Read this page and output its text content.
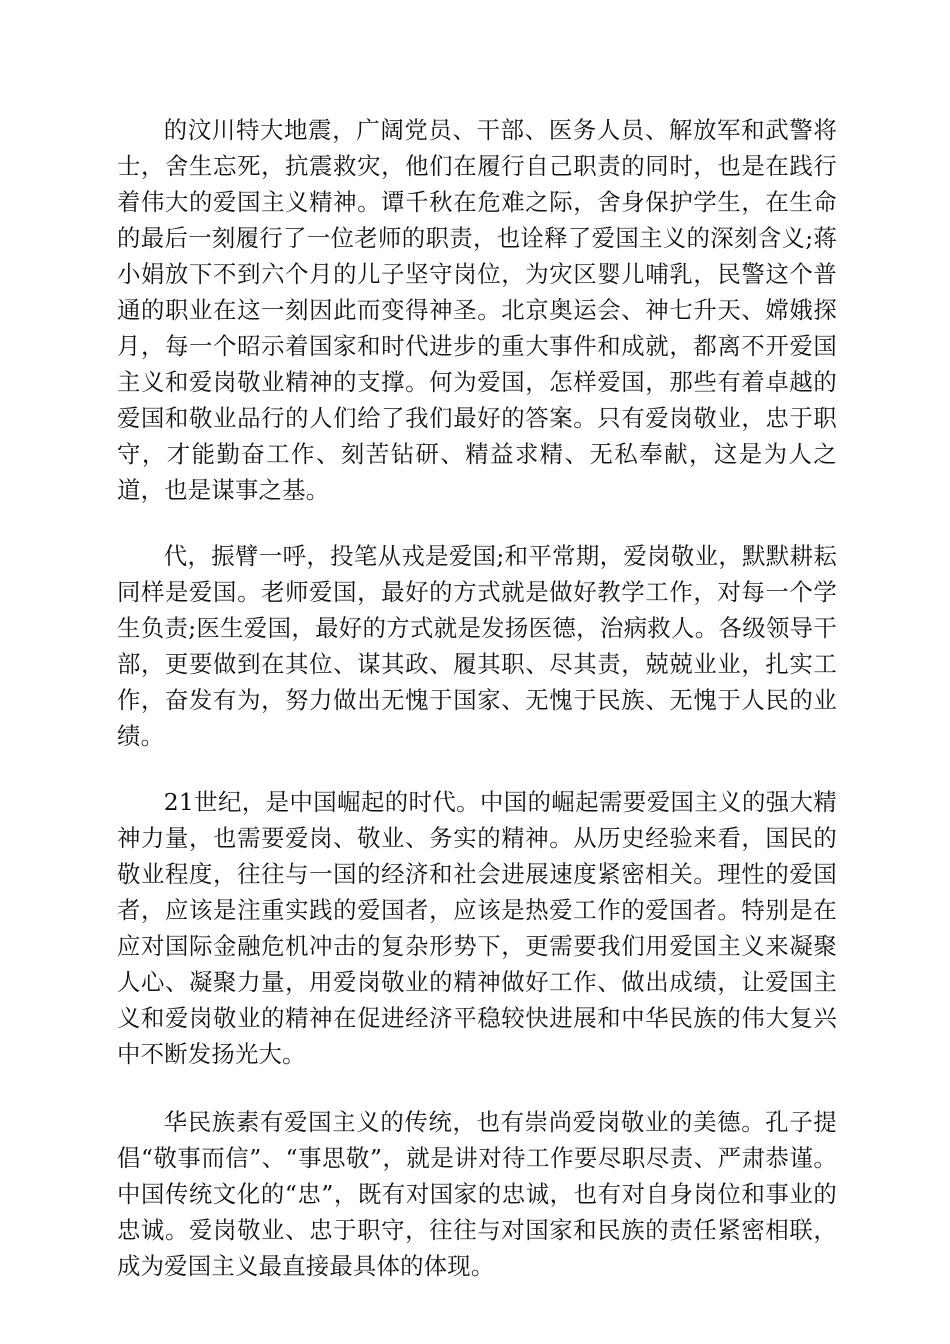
的汶川特大地震，广阔党员、干部、医务人员、解放军和武警将士，舍生忘死，抗震救灾，他们在履行自己职责的同时，也是在践行着伟大的爱国主义精神。谭千秋在危难之际，舍身保护学生，在生命的最后一刻履行了一位老师的职责，也诠释了爱国主义的深刻含义;蒋小娟放下不到六个月的儿子坚守岗位，为灾区婴儿哺乳，民警这个普通的职业在这一刻因此而变得神圣。北京奥运会、神七升天、嫦娥探月，每一个昭示着国家和时代进步的重大事件和成就，都离不开爱国主义和爱岗敬业精神的支撑。何为爱国，怎样爱国，那些有着卓越的爱国和敬业品行的人们给了我们最好的答案。只有爱岗敬业，忠于职守，才能勤奋工作、刻苦钻研、精益求精、无私奉献，这是为人之道，也是谋事之基。

代，振臂一呼，投笔从戎是爱国;和平常期，爱岗敬业，默默耕耘同样是爱国。老师爱国，最好的方式就是做好教学工作，对每一个学生负责;医生爱国，最好的方式就是发扬医德，治病救人。各级领导干部，更要做到在其位、谋其政、履其职、尽其责，兢兢业业，扎实工作，奋发有为，努力做出无愧于国家、无愧于民族、无愧于人民的业绩。

21世纪，是中国崛起的时代。中国的崛起需要爱国主义的强大精神力量，也需要爱岗、敬业、务实的精神。从历史经验来看，国民的敬业程度，往往与一国的经济和社会进展速度紧密相关。理性的爱国者，应该是注重实践的爱国者，应该是热爱工作的爱国者。特别是在应对国际金融危机冲击的复杂形势下，更需要我们用爱国主义来凝聚人心、凝聚力量，用爱岗敬业的精神做好工作、做出成绩，让爱国主义和爱岗敬业的精神在促进经济平稳较快进展和中华民族的伟大复兴中不断发扬光大。

华民族素有爱国主义的传统，也有崇尚爱岗敬业的美德。孔子提倡“敬事而信”、“事思敬”，就是讲对待工作要尽职尽责、严肃恭谨。中国传统文化的“忠”，既有对国家的忠诚，也有对自身岗位和事业的忠诚。爱岗敬业、忠于职守，往往与对国家和民族的责任紧密相联，成为爱国主义最直接最具体的体现。
